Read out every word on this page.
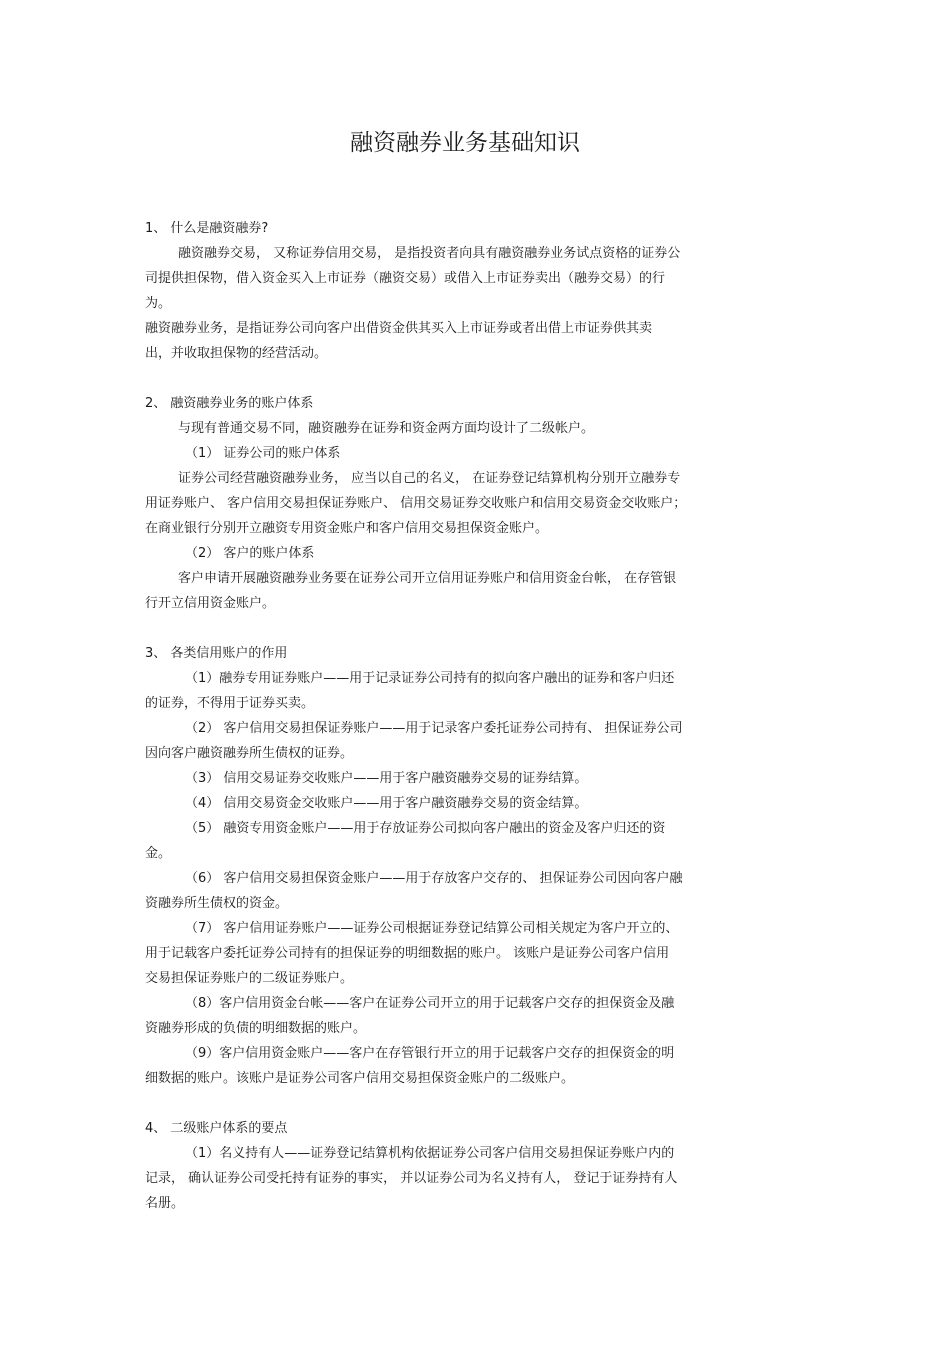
融资融券业务基础知识
1、 什么是融资融券?
融资融券交易， 又称证券信用交易， 是指投资者向具有融资融券业务试点资格的证券公
司提供担保物，借入资金买入上市证券（融资交易）或借入上市证券卖出（融券交易）的行
为。
融资融券业务，是指证券公司向客户出借资金供其买入上市证券或者出借上市证券供其卖
出，并收取担保物的经营活动。
2、 融资融券业务的账户体系
与现有普通交易不同，融资融券在证券和资金两方面均设计了二级帐户。
（1） 证券公司的账户体系
证券公司经营融资融券业务， 应当以自己的名义， 在证券登记结算机构分别开立融券专
用证券账户、 客户信用交易担保证券账户、 信用交易证券交收账户和信用交易资金交收账户；
在商业银行分别开立融资专用资金账户和客户信用交易担保资金账户。
（2） 客户的账户体系
客户申请开展融资融券业务要在证券公司开立信用证券账户和信用资金台帐， 在存管银
行开立信用资金账户。
3、 各类信用账户的作用
（1）融券专用证券账户——用于记录证券公司持有的拟向客户融出的证券和客户归还
的证券，不得用于证券买卖。
（2） 客户信用交易担保证券账户——用于记录客户委托证券公司持有、 担保证券公司
因向客户融资融券所生债权的证券。
（3） 信用交易证券交收账户——用于客户融资融券交易的证券结算。
（4） 信用交易资金交收账户——用于客户融资融券交易的资金结算。
（5） 融资专用资金账户——用于存放证券公司拟向客户融出的资金及客户归还的资
金。
（6） 客户信用交易担保资金账户——用于存放客户交存的、 担保证券公司因向客户融
资融券所生债权的资金。
（7） 客户信用证券账户——证券公司根据证券登记结算公司相关规定为客户开立的、
用于记载客户委托证券公司持有的担保证券的明细数据的账户。 该账户是证券公司客户信用
交易担保证券账户的二级证券账户。
（8）客户信用资金台帐——客户在证券公司开立的用于记载客户交存的担保资金及融
资融券形成的负债的明细数据的账户。
（9）客户信用资金账户——客户在存管银行开立的用于记载客户交存的担保资金的明
细数据的账户。该账户是证券公司客户信用交易担保资金账户的二级账户。
4、 二级账户体系的要点
（1）名义持有人——证券登记结算机构依据证券公司客户信用交易担保证券账户内的
记录， 确认证券公司受托持有证券的事实， 并以证券公司为名义持有人， 登记于证券持有人
名册。
